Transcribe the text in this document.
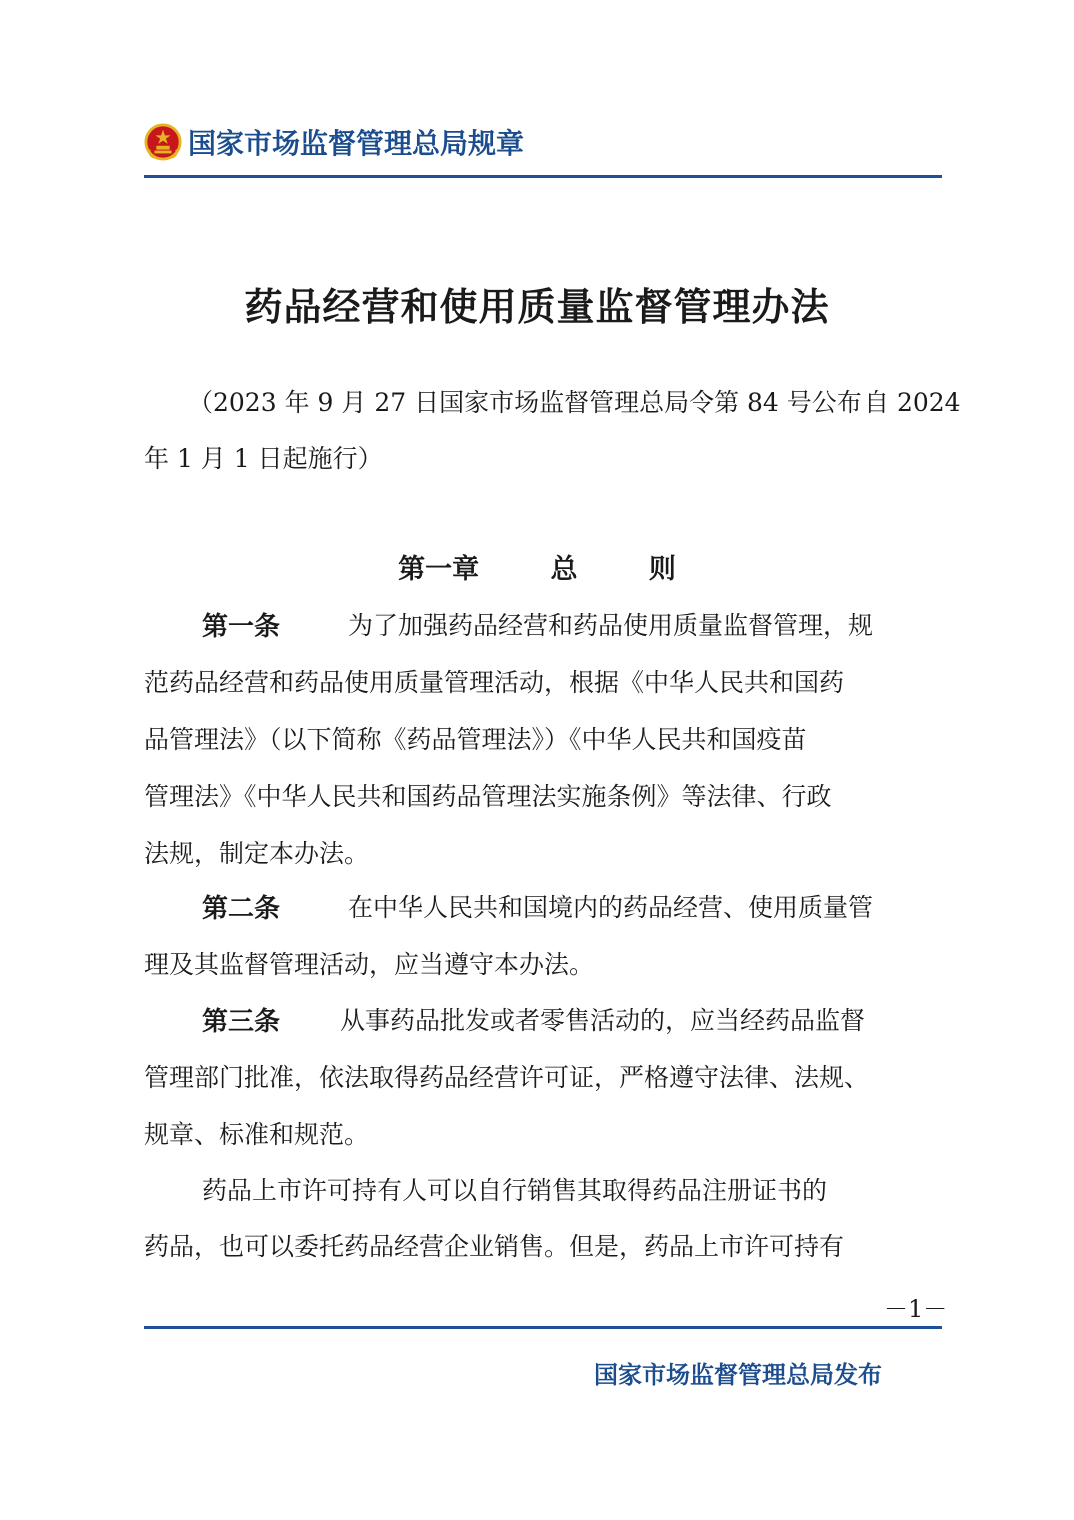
国家市场监督管理总局规章
药品经营和使用质量监督管理办法
（2023 年 9 月 27 日国家市场监督管理总局令第 84 号公布 自 2024
年 1 月 1 日起施行）
第一章	总	则
第一条	为了加强药品经营和药品使用质量监督管理，规
范药品经营和药品使用质量管理活动，根据《中华人民共和国药
品管理法》（以下简称《药品管理法》）《中华人民共和国疫苗
管理法》《中华人民共和国药品管理法实施条例》等法律、行政
法规，制定本办法。
第二条	在中华人民共和国境内的药品经营、使用质量管
理及其监督管理活动，应当遵守本办法。
第三条 从事药品批发或者零售活动的，应当经药品监督
管理部门批准，依法取得药品经营许可证，严格遵守法律、法规、
规章、标准和规范。
药品上市许可持有人可以自行销售其取得药品注册证书的
药品，也可以委托药品经营企业销售。但是，药品上市许可持有
－1－
国家市场监督管理总局发布
